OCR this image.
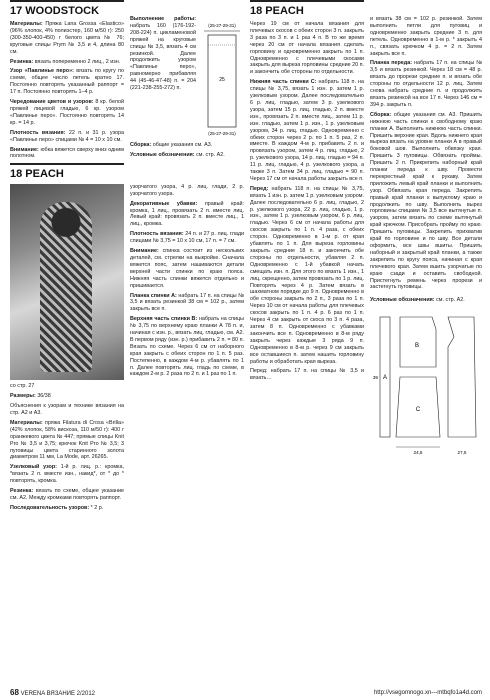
17 WOODSTOCK

Материалы: Пряжа Lana Grossa «Elastico» (96% хлопок, 4% полиэстер, 160 м/50 г): 250 (300-350-400-450) г белого цвета № 76; круговые спицы Prym № 3,5 и 4, длина 80 см.

Резинка: вязать попеременно 2 лиц., 2 изн.

Узор «Павлинье перо»: вязать по кругу по схеме, общее число петель кратно 17. Постоянно повторять указанный раппорт = 17 п. Постоянно повторять 1–4 р.

Чередование цветов и узоров: 8 кр. белой пряжей лицевой гладью, 6 кр. узором «Павлинье перо». Постоянно повторять 14 кр. = 14 р.

Плотность вязания: 22 п. и 31 р. узора «Павлинье перо» спицами № 4 = 10 х 10 см.

Внимание: юбка вяжется сверху вниз одним полотном.

18 PEACH

со стр. 27

Размеры: 36/38

Объяснения к узорам и технике вязания на стр. А2 и А3.

Материалы: пряжа Filatura di Crosa «Brilla» (42% хлопок, 58% вискоза, 110 м/50 г): 400 г оранжевого цвета № 447; прямые спицы Knit Pro № 3,5 и 3,75; крючок Knit Pro № 3,5; 3 пуговицы цвета старинного золота диаметром 11 мм, La Mode, арт. 26265.

Узелковый узор: 1-й р. лиц. р.: кромка, *вязать 2 п. вместе изн., накид*, от * до * повторять, кромка.

Резинка: вязать по схеме, общее указание см. А2. Между кромками повторять раппорт.

Последовательность узоров: * 2 р.

Выполнение работы: набрать 160 (176-192-208-224) п. цикламеновой пряжей на круговые спицы № 3,5, вязать 4 см резинкой. Далее продолжить узором «Павлинье перо», равномерно прибавляя 44 (45-46-47-48) п. = 204 (221-238-255-272) п.

(25-27-29-31)
25
(25-27-29-31)

Сборка: общие указания см. А3.

Условные обозначения: см. стр. А2.

узорчатого узора, 4 р. лиц. глади, 2 р. узорчатого узора.

Декоративные убавки: правый край: кромка, 1 лиц., провязать 2 п. вместе лиц. Левый край: провязать 2 п. вместе лиц., 1 лиц., кромка.

Плотность вязания: 24 п. и 27 р. лиц. глади спицами № 3,75 = 10 х 10 см, 17 п. = 7 см.

Внимание: спинка состоит из нескольких деталей, см. стрелки на выкройке. Сначала вяжется пояс, затем нашиваются детали верхней части спинки по краю пояса. Нижняя часть спинки вяжется отдельно и пришивается.

Планка спинки А: набрать 17 п. на спицы № 3,5 и вязать резинкой 38 см = 102 р., затем закрыть все п.

Верхняя часть спинки В: набрать на спицы № 3,75 по верхнему краю планки А 78 п. и, начиная с изн. р., вязать лиц. гладью, см. А2. В первом ряду (изн. р.) прибавить 2 п. = 80 п. Вязать по схеме. Через 6 см от наборного края закрыть с обеих сторон по 1 п. 5 раз. Постепенно, в каждом 4-м р. убавлять по 1 п. Далее повторять лиц. гладь по схеме, в каждом 2-м р. 2 раза по 2 п. и 1 раз по 1 п.

18 PEACH

Через 19 см от начала вязания для плечевых скосов с обеих сторон 3 п. закрыть 3 раза по 3 п. и 1 раз 4 п. В то же время через 20 см от начала вязания сделать горловину и одновременно закрыть по 1 п. Одновременно с плечевыми скосами закрыть для выреза горловины средние 20 п. и закончить обе стороны по отдельности.

Нижняя часть спинки С: набрать 118 п. на спицы № 3,75, вязать 1 изн. р. затем 1 р. узелковым узором. Далее последовательно 6 р. лиц. гладью, затем 3 р. узелкового узора, затем 15 р. лиц. гладью, 2 п. вместе изн., провязать 2 п. вместе лиц., затем 11 р. изн. гладью, затем 1 р. изн., 1 р. узелковым узором, 34 р. лиц. гладью. Одновременно с обеих сторон через 2 р. по 1 п. 5 раз, 2 п. вместе. В каждом 4-м р. прибавить 2 п. и провязать узором, затем 4 р. лиц. гладью, 2 р. узелкового узора, 14 р. лиц. гладью = 94 п. 11 р. лиц. гладью, 4 р. узелкового узора, а также 3 п. Затем 34 р. лиц. гладью = 90 п. Через 17 см от начала работы закрыть все п.

Перед: набрать 118 п. на спицы № 3,75, вязать 1 изн. р. затем 1 р. узелковым узором. Далее последовательно 6 р. лиц. гладью, 2 р. узелкового узора, 22 р. лиц. гладью, 1 р. изн., затем 1 р. узелковым узором, 6 р. лиц. гладью. Через 6 см от начала работы для скосов закрыть по 1 п. 4 раза, с обеих сторон. Одновременно в 1-м р. от края убавлять по 1 п. Для выреза горловины закрыть средние 18 п. и закончить обе стороны по отдельности, убавляя 2 п. Одновременно с 1-й убавкой начать смещать изн. п. Для этого по вязать 1 изн., 1 лиц. скрещенно, затем провязать по 1 р. лиц. Повторять через 4 р. Затем вязать в шахматном порядке до 9 п. Одновременно в обе стороны закрыть по 2 п., 3 раза по 1 п. Через 10 см от начала работы для плечевых скосов закрыть по 1 п. 4 р. 6 раз по 1 п. Через 4 см закрыть от скоса по 3 п. 4 раза, затем 8 п. Одновременно с убавками закончить все п. Одновременно в 8-м ряду закрыть через каждые 3 ряда 9 п. Одновременно в 8-м р. через 9 см закрыть все оставшиеся п. затем нашить горловину работы и обработать края выреза.

Перед: набрать 17 п. на спицы № 3,5 и вязать…

и вязать 38 см = 102 р. резинкой. Затем выполнить петли для пуговиц и одновременно закрыть средние 3 п. для петель. Одновременно в 1-м р. * закрыть 4 п., связать крючком 4 р. = 2 п. Затем закрыть все п.

Планка переда: набрать 17 п. на спицы № 3,5 и вязать резинкой. Через 18 см = 48 р. вязать до прорези средние п. и вязать обе стороны по отдельности 12 р. лиц. Затем снова набрать средние п. и продолжить вязать резинкой на все 17 п. Через 146 см = 394 р. закрыть п.

Сборка: общие указания см. А3. Пришить нижнюю часть спинки к свободному краю планки А. Выполнить нижнюю часть спинки. Пришить верхние края. Вдоль нижнего края выреза вязать на уровне планки А в правый боковой шов. Выполнить обвязку края. Пришить 3 пуговицы. Обвязать проймы. Пришить 2 п. Прикрепить наборный край планки переда к шву. Провести перекрестный край к рукаву. Затем приложить левый край планки и выполнить узор. Обвязать края переда. Закрепить правый край планки к выпуклому краю и продолжить по шву. Выполнить вырез горловины спицами № 3,5 все вытянутые п. узором, затем вязать по схеме вытянутый край крючком. Присобрать пройму по краю. Пришить пуговицы. Закрепить прихватив край по горловине и по шву. Все детали оформить, все швы вшиты. Пришить наборный и закрытый край планки, а также закрепить по кругу пояса, начиная с края плечевого края. Затем вшить узорчатые по краю сзади и оставить свободной. Пристегнуть ремень через прорези и застегнуть пуговицы.

Условные обозначения: см. стр. А2.

A
B
C
24,5	27,5
39
68 VERENA ВЯЗАНИЕ 2/2012	http://vsegomnogo.xn---mtbqfo1a4d.com
